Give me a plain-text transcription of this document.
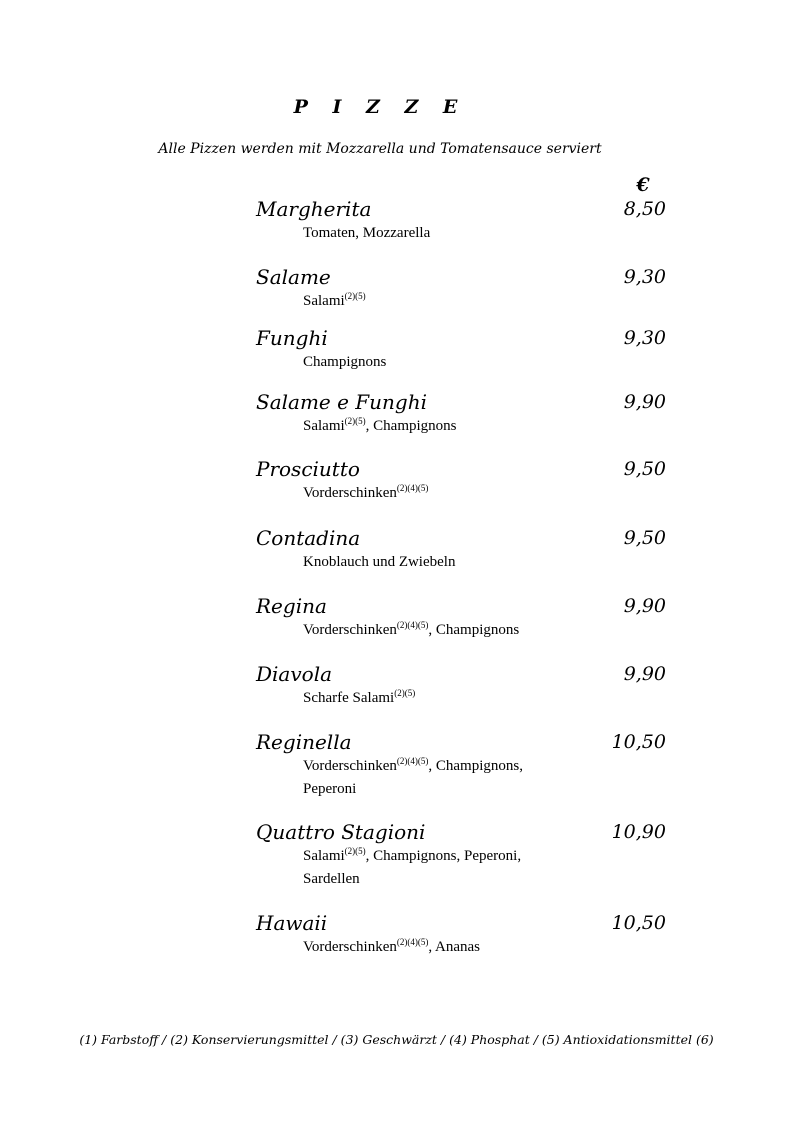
P I Z Z E
Alle Pizzen werden mit Mozzarella und Tomatensauce serviert
€
Margherita	8,50
Tomaten, Mozzarella
Salame	9,30
Salami$^{(2)(5)}$
Funghi	9,30
Champignons
Salame e Funghi	9,90
Salami$^{(2)(5)}$, Champignons
Prosciutto	9,50
Vorderschinken$^{(2)(4)(5)}$
Contadina	9,50
Knoblauch und Zwiebeln
Regina	9,90
Vorderschinken$^{(2)(4)(5)}$, Champignons
Diavola	9,90
Scharfe Salami$^{(2)(5)}$
Reginella	10,50
Vorderschinken$^{(2)(4)(5)}$, Champignons, Peperoni
Quattro Stagioni	10,90
Salami$^{(2)(5)}$, Champignons, Peperoni, Sardellen
Hawaii	10,50
Vorderschinken$^{(2)(4)(5)}$, Ananas
(1) Farbstoff / (2) Konservierungsmittel / (3) Geschwärzt / (4) Phosphat / (5) Antioxidationsmittel (6)
